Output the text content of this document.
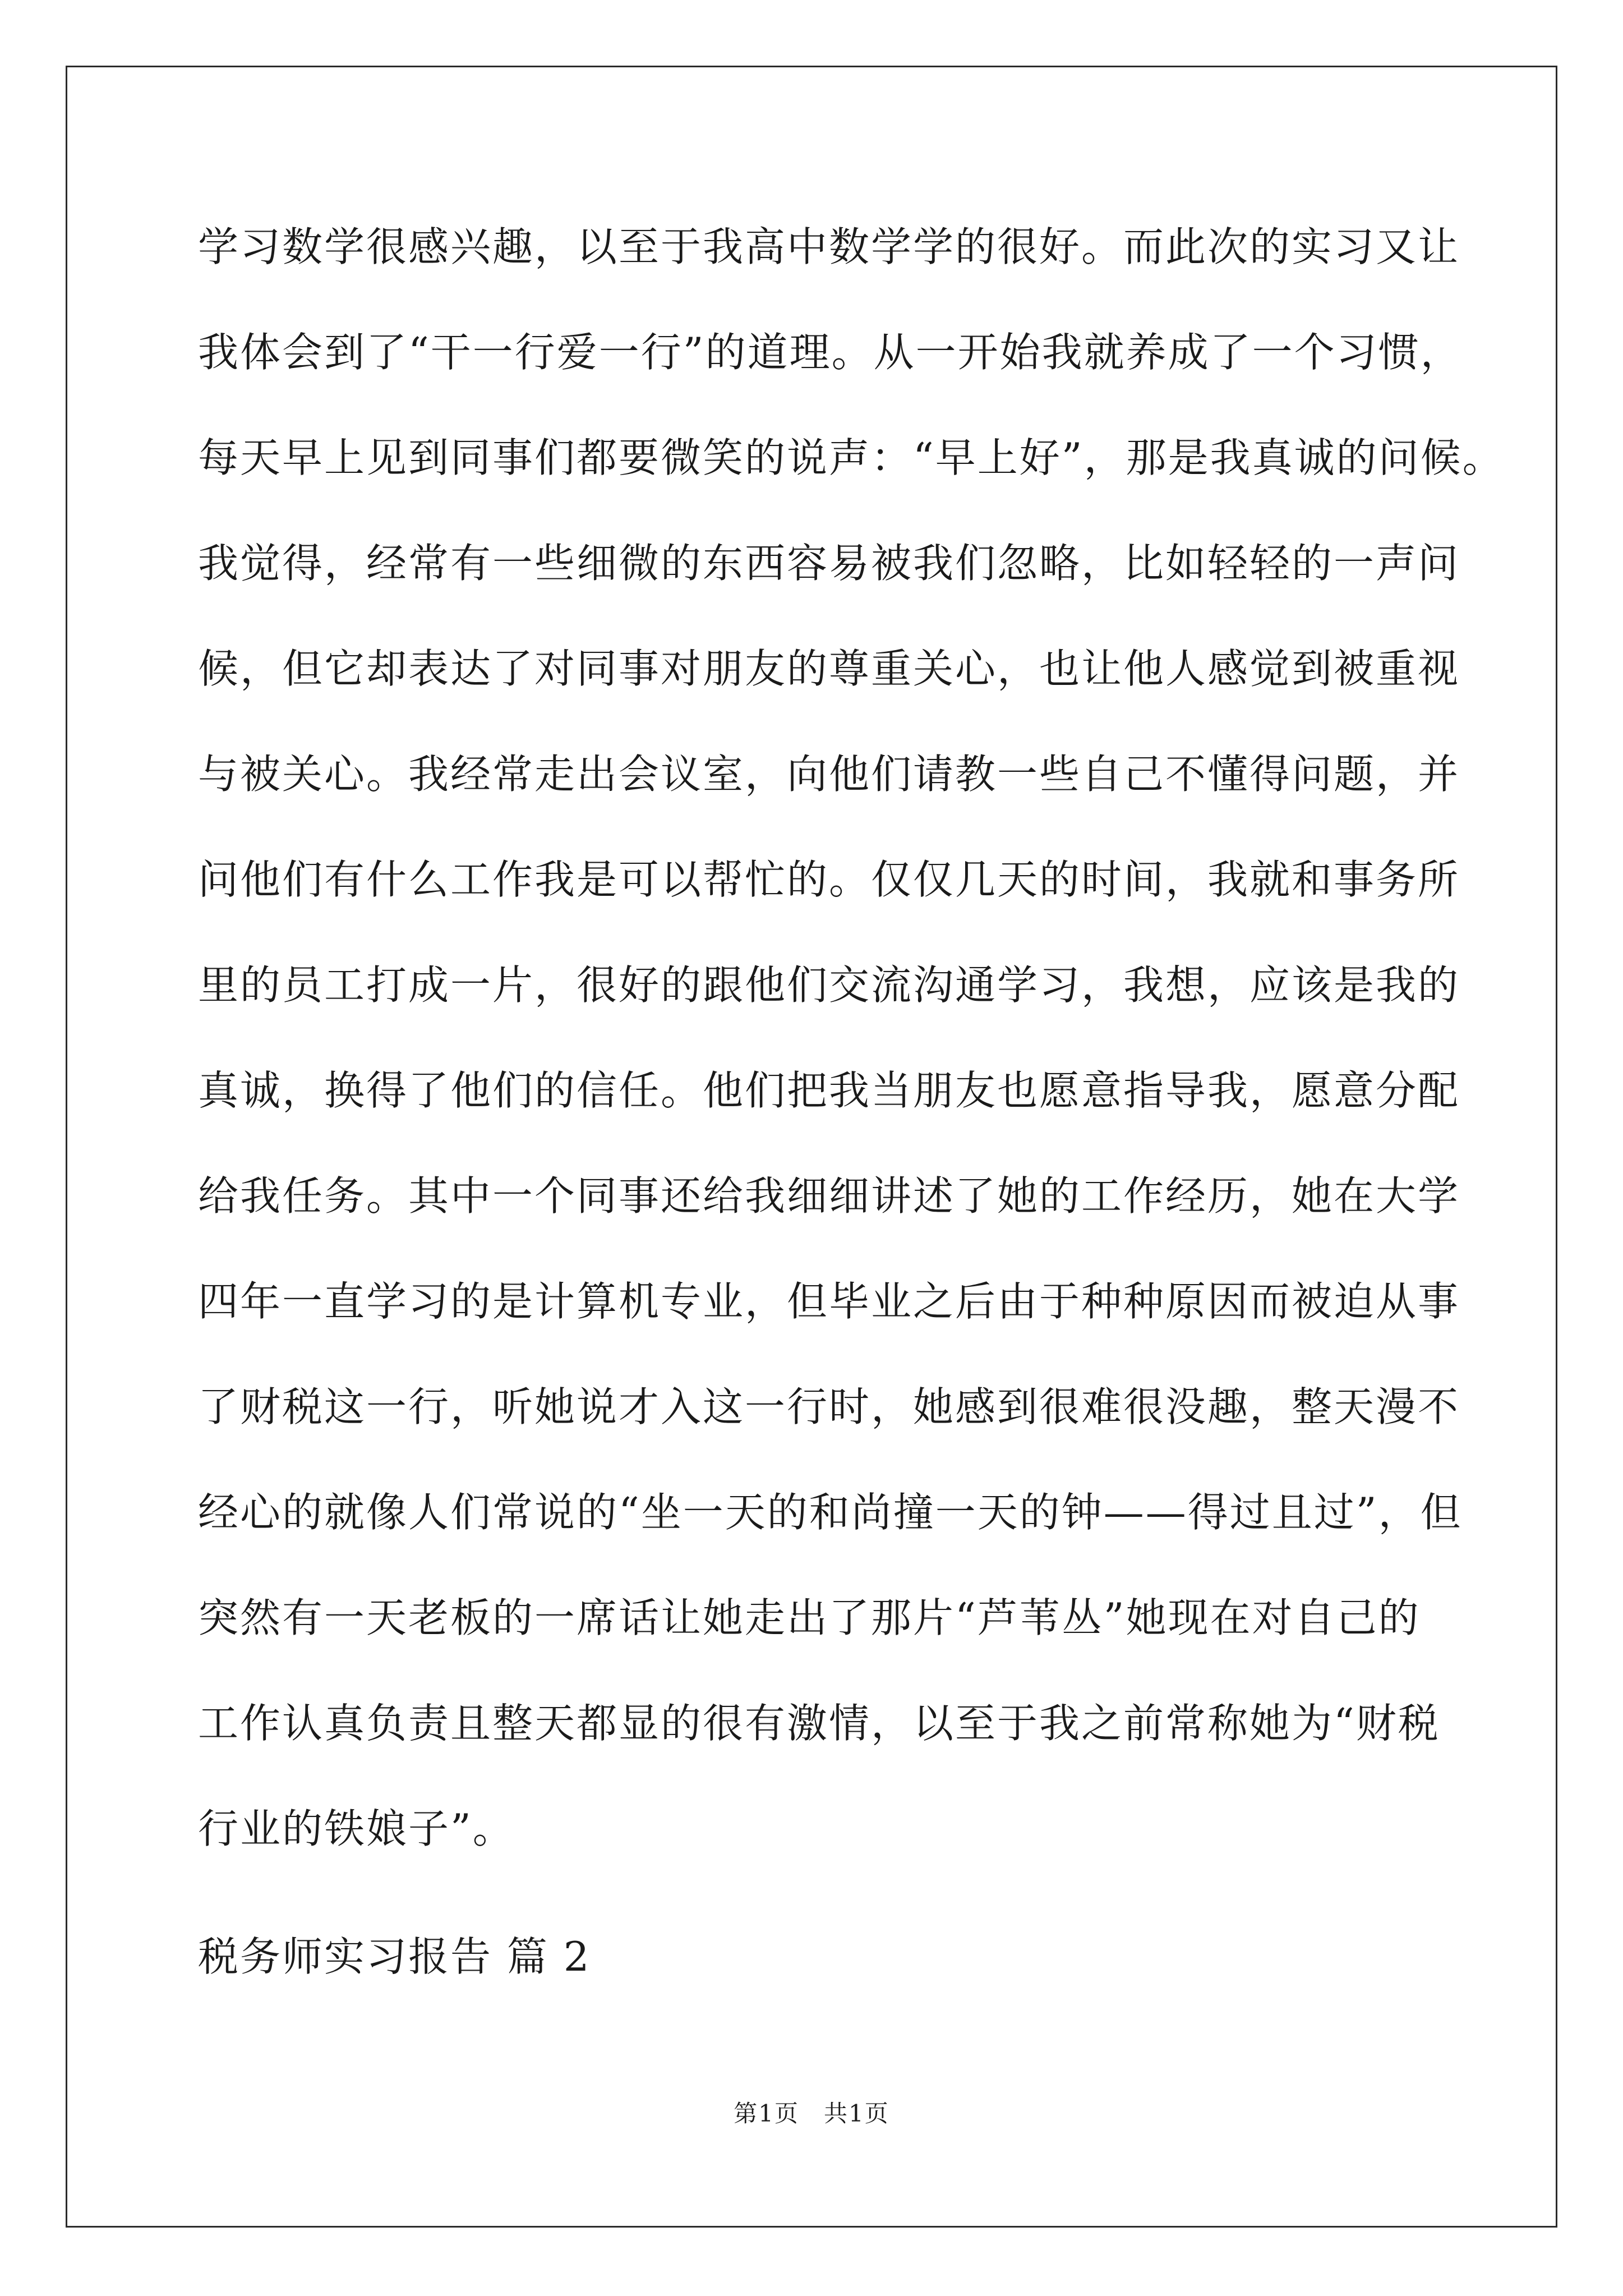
学习数学很感兴趣，以至于我高中数学学的很好。而此次的实习又让
我体会到了“干一行爱一行”的道理。从一开始我就养成了一个习惯，
每天早上见到同事们都要微笑的说声：“早上好”，那是我真诚的问候。
我觉得，经常有一些细微的东西容易被我们忽略，比如轻轻的一声问
候，但它却表达了对同事对朋友的尊重关心，也让他人感觉到被重视
与被关心。我经常走出会议室，向他们请教一些自己不懂得问题，并
问他们有什么工作我是可以帮忙的。仅仅几天的时间，我就和事务所
里的员工打成一片，很好的跟他们交流沟通学习，我想，应该是我的
真诚，换得了他们的信任。他们把我当朋友也愿意指导我，愿意分配
给我任务。其中一个同事还给我细细讲述了她的工作经历，她在大学
四年一直学习的是计算机专业，但毕业之后由于种种原因而被迫从事
了财税这一行，听她说才入这一行时，她感到很难很没趣，整天漫不
经心的就像人们常说的“坐一天的和尚撞一天的钟——得过且过”，但
突然有一天老板的一席话让她走出了那片“芦苇丛”她现在对自己的
工作认真负责且整天都显的很有激情，以至于我之前常称她为“财税
行业的铁娘子”。
税务师实习报告 篇 2
第1页　共1页
